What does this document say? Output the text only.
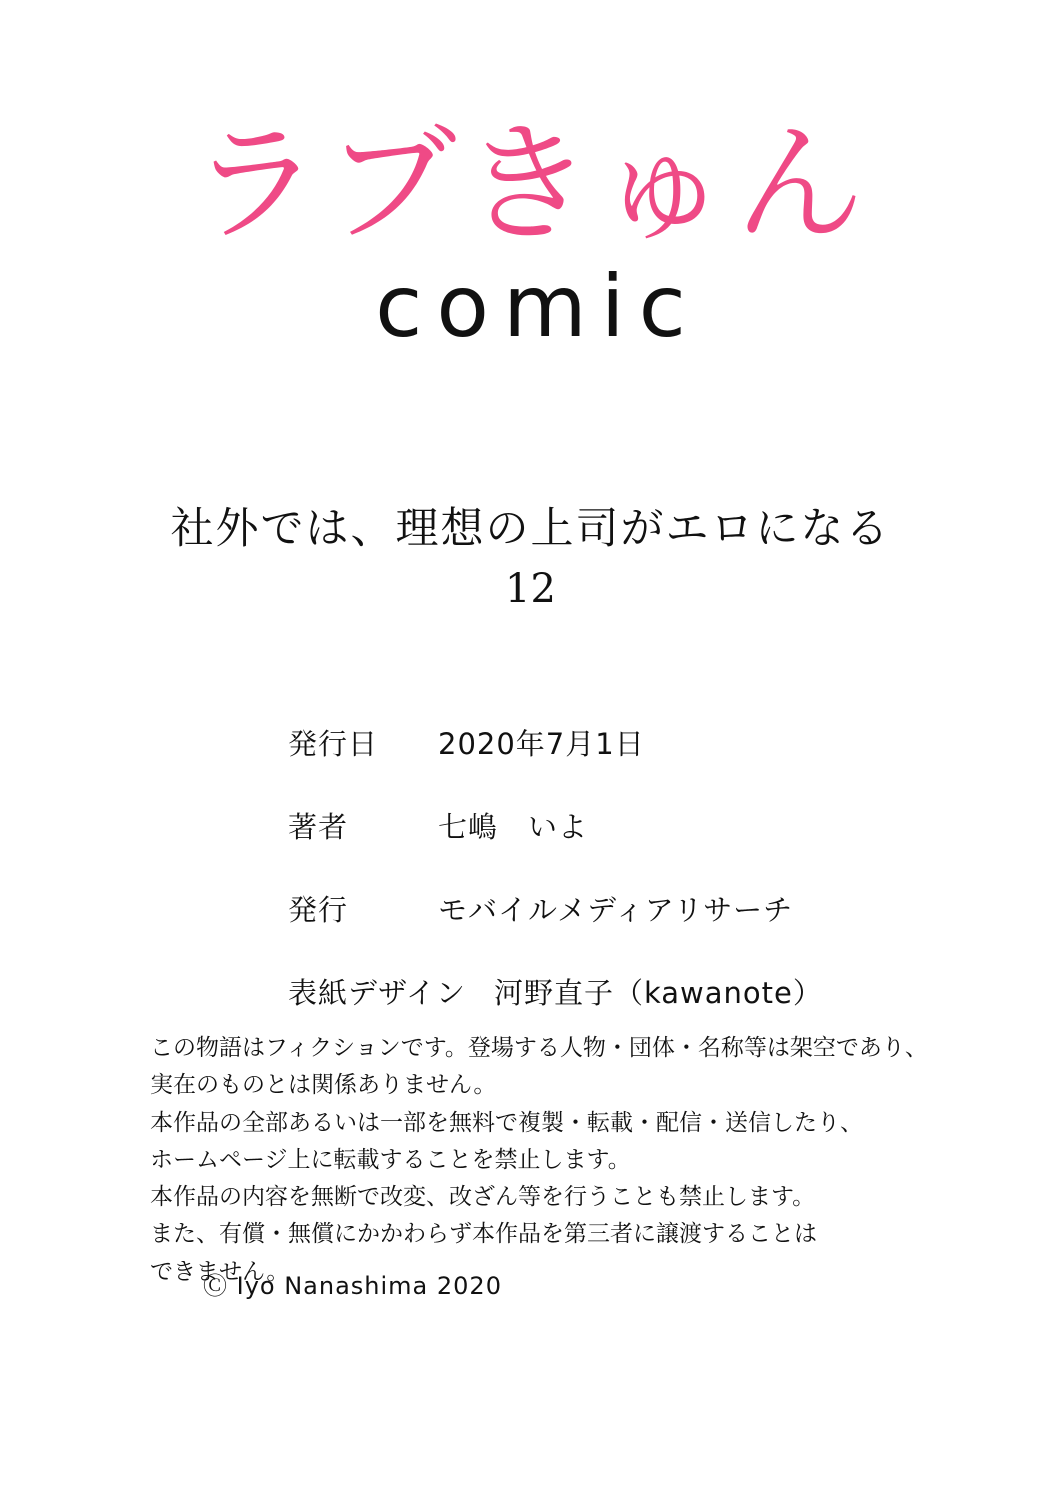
ラブきゅん
comic
社外では、理想の上司がエロになる
12
発行日	2020年7月1日
著者	七嶋　いよ
発行	モバイルメディアリサーチ
表紙デザイン 河野直子（kawanote）
この物語はフィクションです。登場する人物・団体・名称等は架空であり、
実在のものとは関係ありません。
本作品の全部あるいは一部を無料で複製・転載・配信・送信したり、
ホームページ上に転載することを禁止します。
本作品の内容を無断で改変、改ざん等を行うことも禁止します。
また、有償・無償にかかわらず本作品を第三者に譲渡することは
できません。
Ⓒ Iyo Nanashima 2020
